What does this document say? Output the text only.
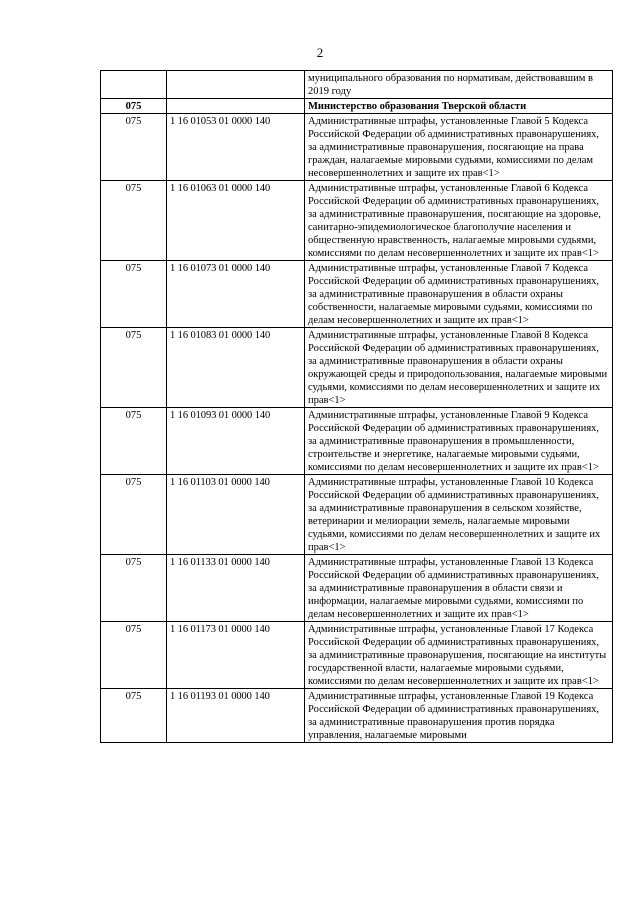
2
		муниципального образования по нормативам, действовавшим в 2019 году
075		Министерство образования Тверской области
075	1 16 01053 01 0000 140	Административные штрафы, установленные Главой 5 Кодекса Российской Федерации об административных правонарушениях, за административные правонарушения, посягающие на права граждан, налагаемые мировыми судьями, комиссиями по делам несовершеннолетних и защите их прав<1>
075	1 16 01063 01 0000 140	Административные штрафы, установленные Главой 6 Кодекса Российской Федерации об административных правонарушениях, за административные правонарушения, посягающие на здоровье, санитарно-эпидемиологическое благополучие населения и общественную нравственность, налагаемые мировыми судьями, комиссиями по делам несовершеннолетних и защите их прав<1>
075	1 16 01073 01 0000 140	Административные штрафы, установленные Главой 7 Кодекса Российской Федерации об административных правонарушениях, за административные правонарушения в области охраны собственности, налагаемые мировыми судьями, комиссиями по делам несовершеннолетних и защите их прав<1>
075	1 16 01083 01 0000 140	Административные штрафы, установленные Главой 8 Кодекса Российской Федерации об административных правонарушениях, за административные правонарушения в области охраны окружающей среды и природопользования, налагаемые мировыми судьями, комиссиями по делам несовершеннолетних и защите их прав<1>
075	1 16 01093 01 0000 140	Административные штрафы, установленные Главой 9 Кодекса Российской Федерации об административных правонарушениях, за административные правонарушения в промышленности, строительстве и энергетике, налагаемые мировыми судьями, комиссиями по делам несовершеннолетних и защите их прав<1>
075	1 16 01103 01 0000 140	Административные штрафы, установленные Главой 10 Кодекса Российской Федерации об административных правонарушениях, за административные правонарушения в сельском хозяйстве, ветеринарии и мелиорации земель, налагаемые мировыми судьями, комиссиями по делам несовершеннолетних и защите их прав<1>
075	1 16 01133 01 0000 140	Административные штрафы, установленные Главой 13 Кодекса Российской Федерации об административных правонарушениях, за административные правонарушения в области связи и информации, налагаемые мировыми судьями, комиссиями по делам несовершеннолетних и защите их прав<1>
075	1 16 01173 01 0000 140	Административные штрафы, установленные Главой 17 Кодекса Российской Федерации об административных правонарушениях, за административные правонарушения, посягающие на институты государственной власти, налагаемые мировыми судьями, комиссиями по делам несовершеннолетних и защите их прав<1>
075	1 16 01193 01 0000 140	Административные штрафы, установленные Главой 19 Кодекса Российской Федерации об административных правонарушениях, за административные правонарушения против порядка управления, налагаемые мировыми
